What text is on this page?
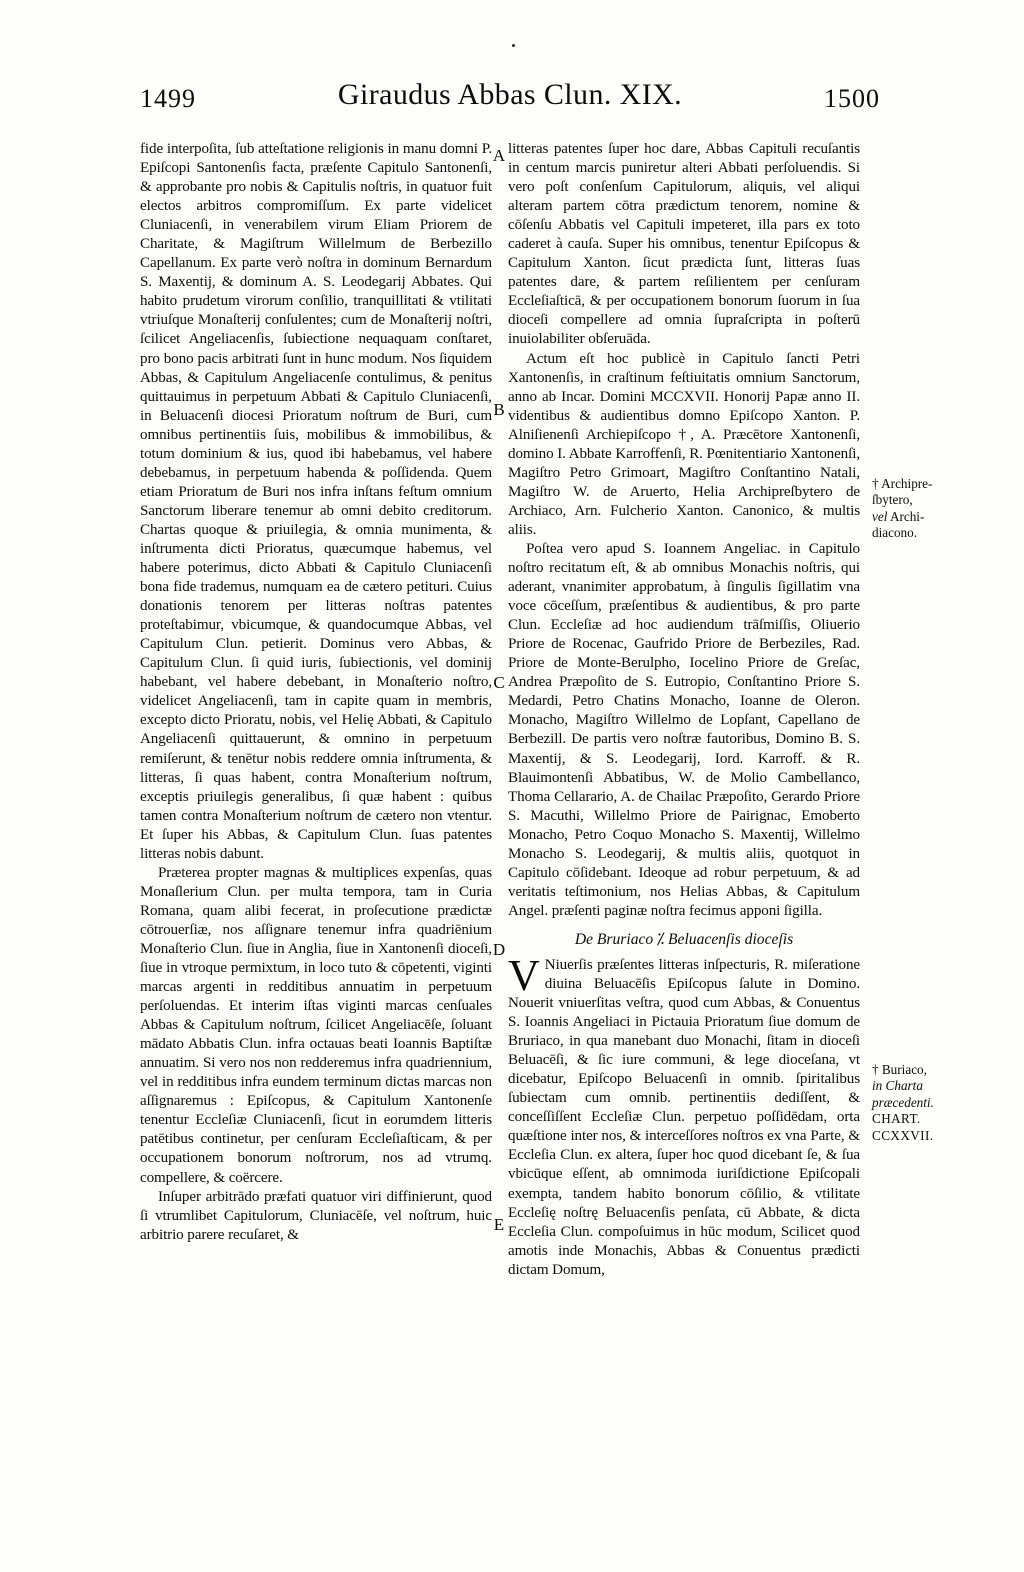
1499	Giraudus Abbas Clun. XIX.	1500

fide interpoſita, ſub atteſtatione religionis in manu domni P. Epiſcopi Santonenſis facta, præſente Capitulo Santonenſi, & approbante pro nobis & Capitulis noſtris, in quatuor fuit electos arbitros compromiſſum. Ex parte videlicet Cluniacenſi, in venerabilem virum Eliam Priorem de Charitate, & Magiſtrum Willelmum de Berbezillo Capellanum. Ex parte verò noſtra in dominum Bernardum S. Maxentij, & dominum A. S. Leodegarij Abbates. Qui habito prudetum virorum conſilio, tranquillitati & vtilitati vtriuſque Monaſterij conſulentes; cum de Monaſterij noſtri, ſcilicet Angeliacenſis, ſubiectione nequaquam conſtaret, pro bono pacis arbitrati ſunt in hunc modum. Nos ſiquidem Abbas, & Capitulum Angeliacenſe contulimus, & penitus quittauimus in perpetuum Abbati & Capitulo Cluniacenſi, in Beluacenſi diocesi Prioratum noſtrum de Buri, cum omnibus pertinentiis ſuis, mobilibus & immobilibus, & totum dominium & ius, quod ibi habebamus, vel habere debebamus, in perpetuum habenda & poſſidenda. Quem etiam Prioratum de Buri nos infra inſtans feſtum omnium Sanctorum liberare tenemur ab omni debito creditorum. Chartas quoque & priuilegia, & omnia munimenta, & inſtrumenta dicti Prioratus, quæcumque habemus, vel habere poterimus, dicto Abbati & Capitulo Cluniacenſi bona fide trademus, numquam ea de cætero petituri. Cuius donationis tenorem per litteras noſtras patentes proteſtabimur, vbicumque, & quandocumque Abbas, vel Capitulum Clun. petierit. Dominus vero Abbas, & Capitulum Clun. ſi quid iuris, ſubiectionis, vel dominij habebant, vel habere debebant, in Monaſterio noſtro, videlicet Angeliacenſi, tam in capite quam in membris, excepto dicto Prioratu, nobis, vel Helię Abbati, & Capitulo Angeliacenſi quittauerunt, & omnino in perpetuum remiſerunt, & tenētur nobis reddere omnia inſtrumenta, & litteras, ſi quas habent, contra Monaſterium noſtrum, exceptis priuilegis generalibus, ſi quæ habent : quibus tamen contra Monaſterium noſtrum de cætero non vtentur. Et ſuper his Abbas, & Capitulum Clun. ſuas patentes litteras nobis dabunt.

Præterea propter magnas & multiplices expenſas, quas Monaſlerium Clun. per multa tempora, tam in Curia Romana, quam alibi fecerat, in proſecutione prædictæ cōtrouerſiæ, nos aſſignare tenemur infra quadriēnium Monaſterio Clun. ſiue in Anglia, ſiue in Xantonenſi dioceſi, ſiue in vtroque permixtum, in loco tuto & cōpetenti, viginti marcas argenti in redditibus annuatim in perpetuum perſoluendas. Et interim iſtas viginti marcas cenſuales Abbas & Capitulum noſtrum, ſcilicet Angeliacēſe, ſoluant mādato Abbatis Clun. infra octauas beati Ioannis Baptiſtæ annuatim. Si vero nos non redderemus infra quadriennium, vel in redditibus infra eundem terminum dictas marcas non aſſignaremus : Epiſcopus, & Capitulum Xantonenſe tenentur Eccleſiæ Cluniacenſi, ſicut in eorumdem litteris patētibus continetur, per cenſuram Eccleſiaſticam, & per occupationem bonorum noſtrorum, nos ad vtrumq. compellere, & coërcere.

Inſuper arbitrādo præfati quatuor viri diffinierunt, quod ſi vtrumlibet Capitulorum, Cluniacēſe, vel noſtrum, huic arbitrio parere recuſaret, &

litteras patentes ſuper hoc dare, Abbas Capituli recuſantis in centum marcis puniretur alteri Abbati perſoluendis. Si vero poſt conſenſum Capitulorum, aliquis, vel aliqui alteram partem cōtra prædictum tenorem, nomine & cōſenſu Abbatis vel Capituli impeteret, illa pars ex toto caderet à cauſa. Super his omnibus, tenentur Epiſcopus & Capitulum Xanton. ſicut prædicta ſunt, litteras ſuas patentes dare, & partem reſilientem per cenſuram Eccleſiaſticā, & per occupationem bonorum ſuorum in ſua dioceſi compellere ad omnia ſupraſcripta in poſterū inuiolabiliter obſeruāda.

Actum eſt hoc publicè in Capitulo ſancti Petri Xantonenſis, in craſtinum feſtiuitatis omnium Sanctorum, anno ab Incar. Domini MCCXVII. Honorij Papæ anno II. videntibus & audientibus domno Epiſcopo Xanton. P. Alniſienenſi Archiepiſcopo †, A. Præcētore Xantonenſi, domino I. Abbate Karroffenſi, R. Pœnitentiario Xantonenſi, Magiſtro Petro Grimoart, Magiſtro Conſtantino Natali, Magiſtro W. de Aruerto, Helia Archipreſbytero de Archiaco, Arn. Fulcherio Xanton. Canonico, & multis aliis.

Poſtea vero apud S. Ioannem Angeliac. in Capitulo noſtro recitatum eſt, & ab omnibus Monachis noſtris, qui aderant, vnanimiter approbatum, à ſingulis ſigillatim vna voce cōceſſum, præſentibus & audientibus, & pro parte Clun. Eccleſiæ ad hoc audiendum trāſmiſſis, Oliuerio Priore de Rocenac, Gaufrido Priore de Berbeziles, Rad. Priore de Monte-Berulpho, Iocelino Priore de Greſac, Andrea Præpoſito de S. Eutropio, Conſtantino Priore S. Medardi, Petro Chatins Monacho, Ioanne de Oleron. Monacho, Magiſtro Willelmo de Lopſant, Capellano de Berbezill. De partis vero noſtræ fautoribus, Domino B. S. Maxentij, & S. Leodegarij, Iord. Karroff. & R. Blauimontenſi Abbatibus, W. de Molio Cambellanco, Thoma Cellarario, A. de Chailac Præpoſito, Gerardo Priore S. Macuthi, Willelmo Priore de Pairignac, Emoberto Monacho, Petro Coquo Monacho S. Maxentij, Willelmo Monacho S. Leodegarij, & multis aliis, quotquot in Capitulo cōſidebant. Ideoque ad robur perpetuum, & ad veritatis teſtimonium, nos Helias Abbas, & Capitulum Angel. præſenti paginæ noſtra fecimus apponi ſigilla.

De Bruriaco ⁒ Beluacenſis dioceſis
V Niuerſis præſentes litteras inſpecturis, R. miſeratione diuina Beluacēſis Epiſcopus ſalute in Domino. Nouerit vniuerſitas veſtra, quod cum Abbas, & Conuentus S. Ioannis Angeliaci in Pictauia Prioratum ſiue domum de Bruriaco, in qua manebant duo Monachi, ſitam in dioceſi Beluacēſi, & ſic iure communi, & lege dioceſana, vt dicebatur, Epiſcopo Beluacenſi in omnib. ſpiritalibus ſubiectam cum omnib. pertinentiis dediſſent, & conceſſiſſent Eccleſiæ Clun. perpetuo poſſidēdam, orta quæſtione inter nos, & interceſſores noſtros ex vna Parte, & Eccleſia Clun. ex altera, ſuper hoc quod dicebant ſe, & ſua vbicūque eſſent, ab omnimoda iuriſdictione Epiſcopali exempta, tandem habito bonorum cōſilio, & vtilitate Eccleſię noſtrę Beluacenſis penſata, cū Abbate, & dicta Eccleſia Clun. compoſuimus in hūc modum, Scilicet quod amotis inde Monachis, Abbas & Conuentus prædicti dictam Domum,

A
B
C
D
E
† Archipre-
ſbytero,
vel Archi-
diacono.
† Buriaco,
in Charta
præcedenti.
CHART.
CCXXVII.
